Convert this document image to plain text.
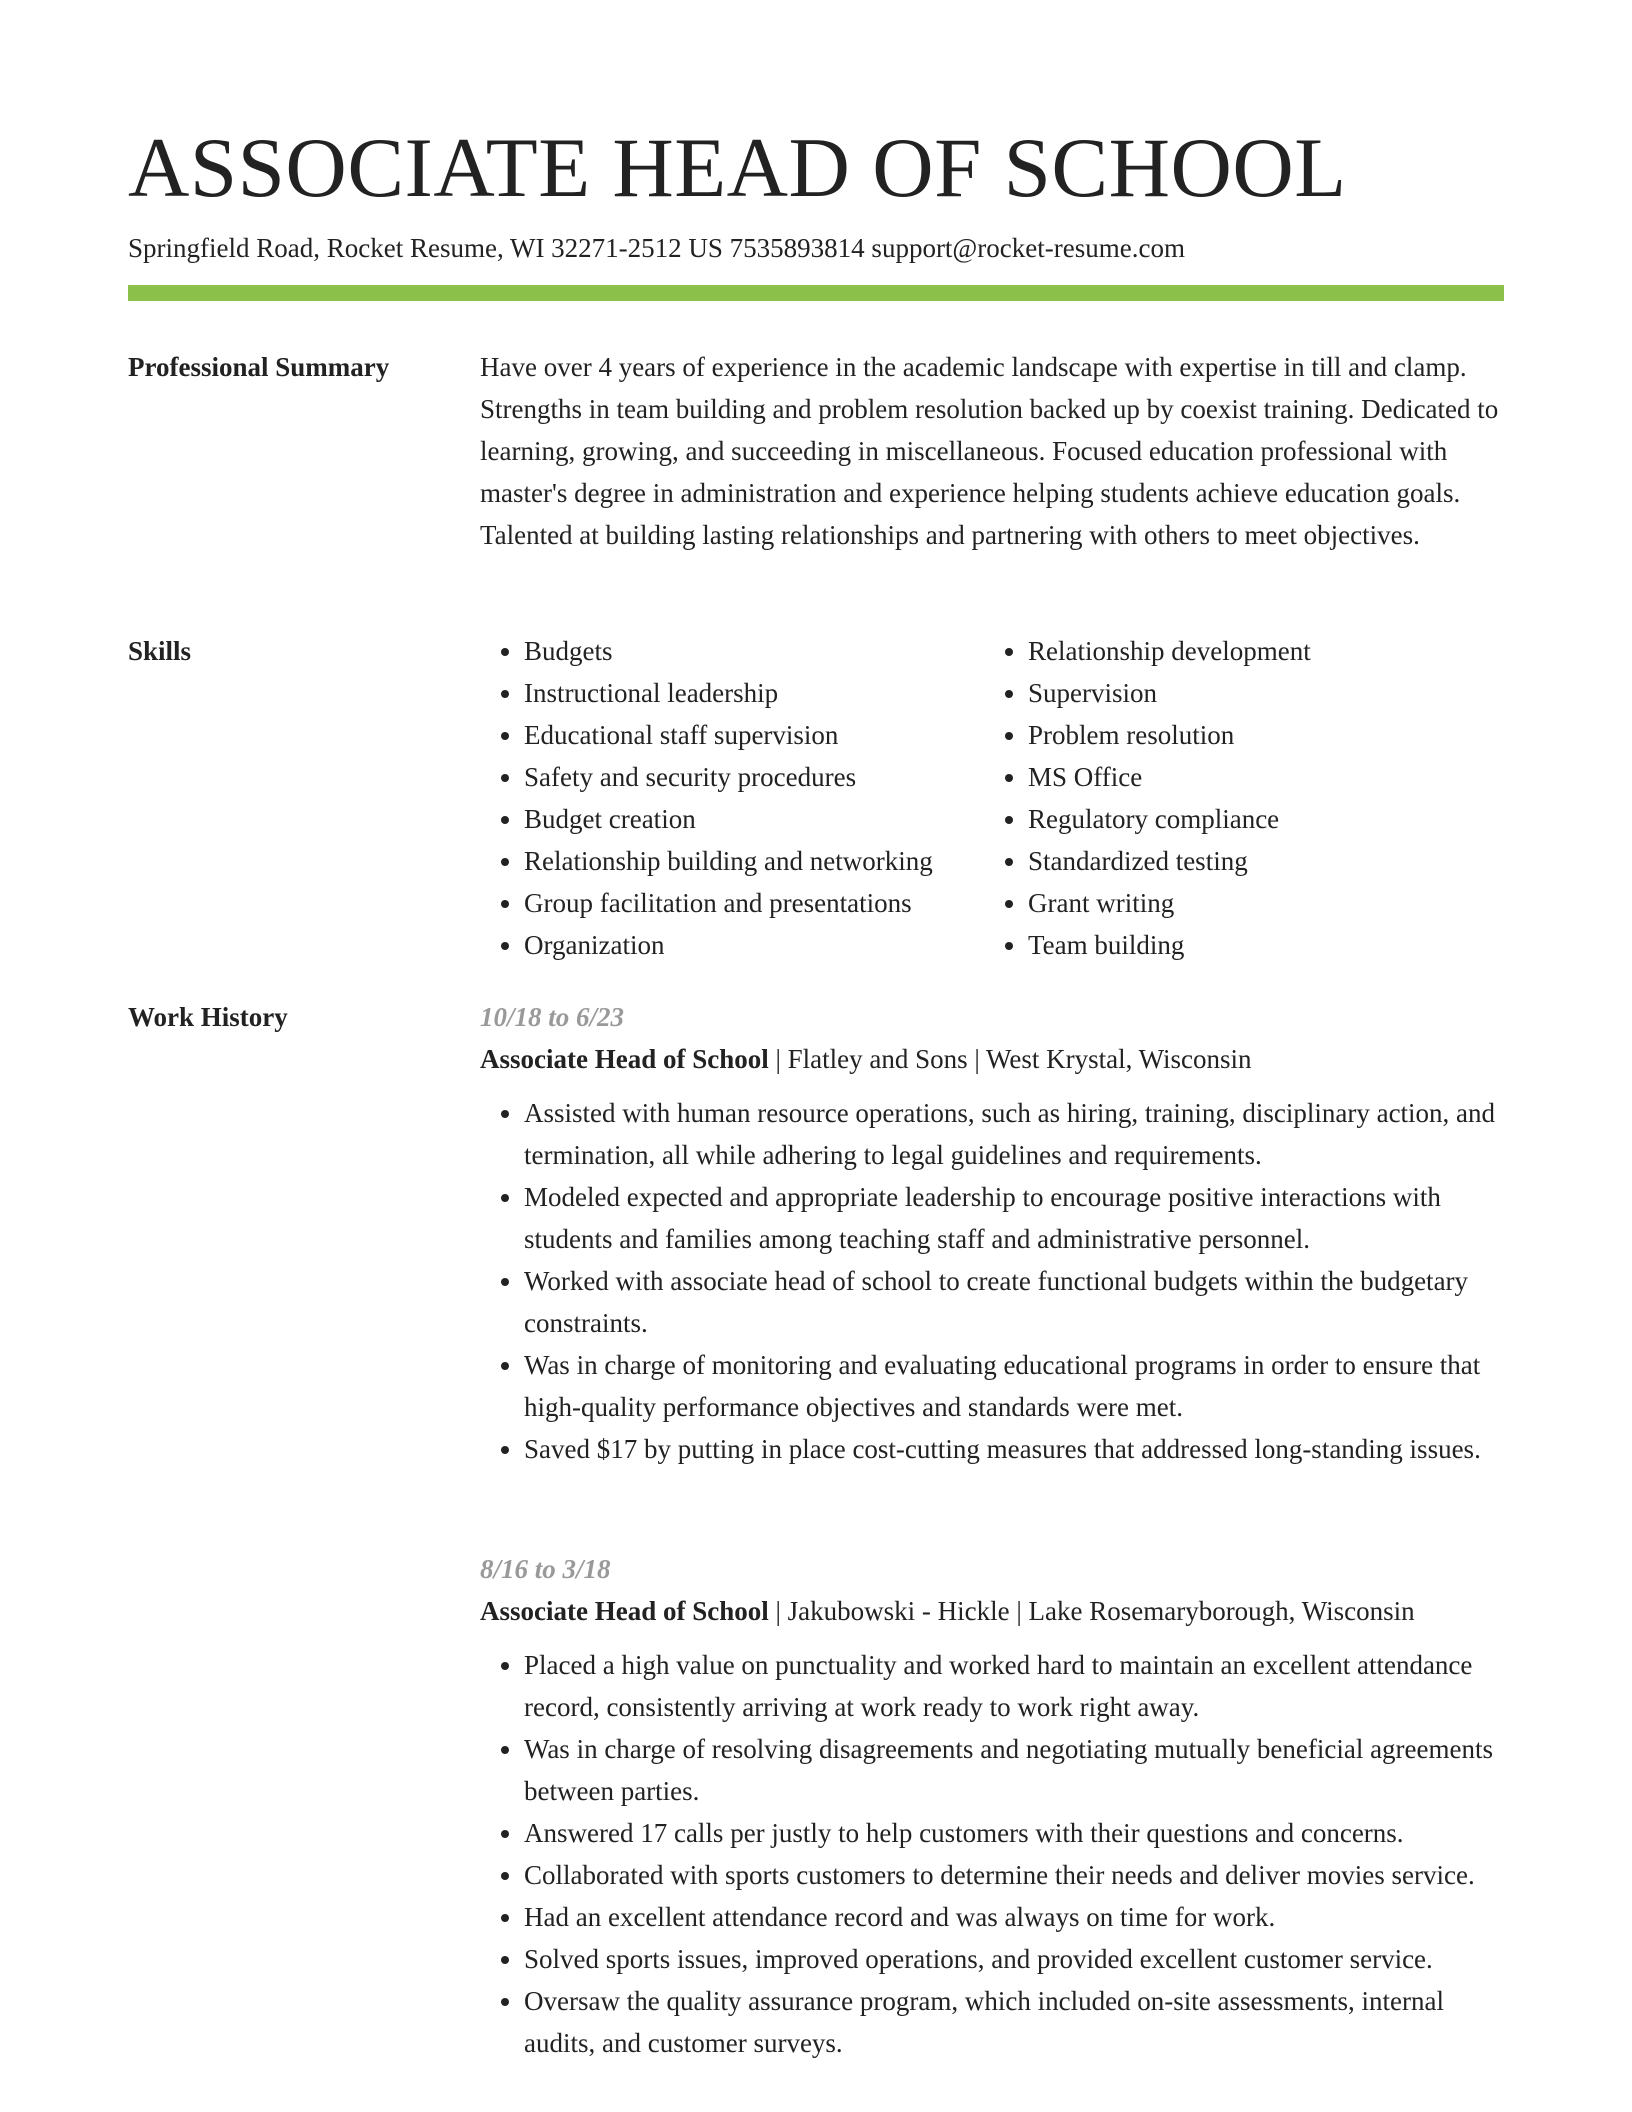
ASSOCIATE HEAD OF SCHOOL
Springfield Road, Rocket Resume, WI 32271-2512 US 7535893814 support@rocket-resume.com
Professional Summary	Have over 4 years of experience in the academic landscape with expertise in till and clamp. Strengths in team building and problem resolution backed up by coexist training. Dedicated to learning, growing, and succeeding in miscellaneous. Focused education professional with master's degree in administration and experience helping students achieve education goals. Talented at building lasting relationships and partnering with others to meet objectives.

Skills
•	Budgets
• Instructional leadership
• Educational staff supervision
• Safety and security procedures
• Budget creation
• Relationship building and networking
• Group facilitation and presentations
• Organization
• Relationship development
• Supervision
• Problem resolution
• MS Office
• Regulatory compliance
• Standardized testing
• Grant writing
• Team building
Work History	10/18 to 6/23
Associate Head of School | Flatley and Sons | West Krystal, Wisconsin
• Assisted with human resource operations, such as hiring, training, disciplinary action, and termination, all while adhering to legal guidelines and requirements.
• Modeled expected and appropriate leadership to encourage positive interactions with students and families among teaching staff and administrative personnel.
• Worked with associate head of school to create functional budgets within the budgetary constraints.
• Was in charge of monitoring and evaluating educational programs in order to ensure that high-quality performance objectives and standards were met.
• Saved $17 by putting in place cost-cutting measures that addressed long-standing issues.
8/16 to 3/18
Associate Head of School | Jakubowski - Hickle | Lake Rosemaryborough, Wisconsin
• Placed a high value on punctuality and worked hard to maintain an excellent attendance record, consistently arriving at work ready to work right away.
• Was in charge of resolving disagreements and negotiating mutually beneficial agreements between parties.
• Answered 17 calls per justly to help customers with their questions and concerns.
• Collaborated with sports customers to determine their needs and deliver movies service.
• Had an excellent attendance record and was always on time for work.
• Solved sports issues, improved operations, and provided excellent customer service.
• Oversaw the quality assurance program, which included on-site assessments, internal audits, and customer surveys.
